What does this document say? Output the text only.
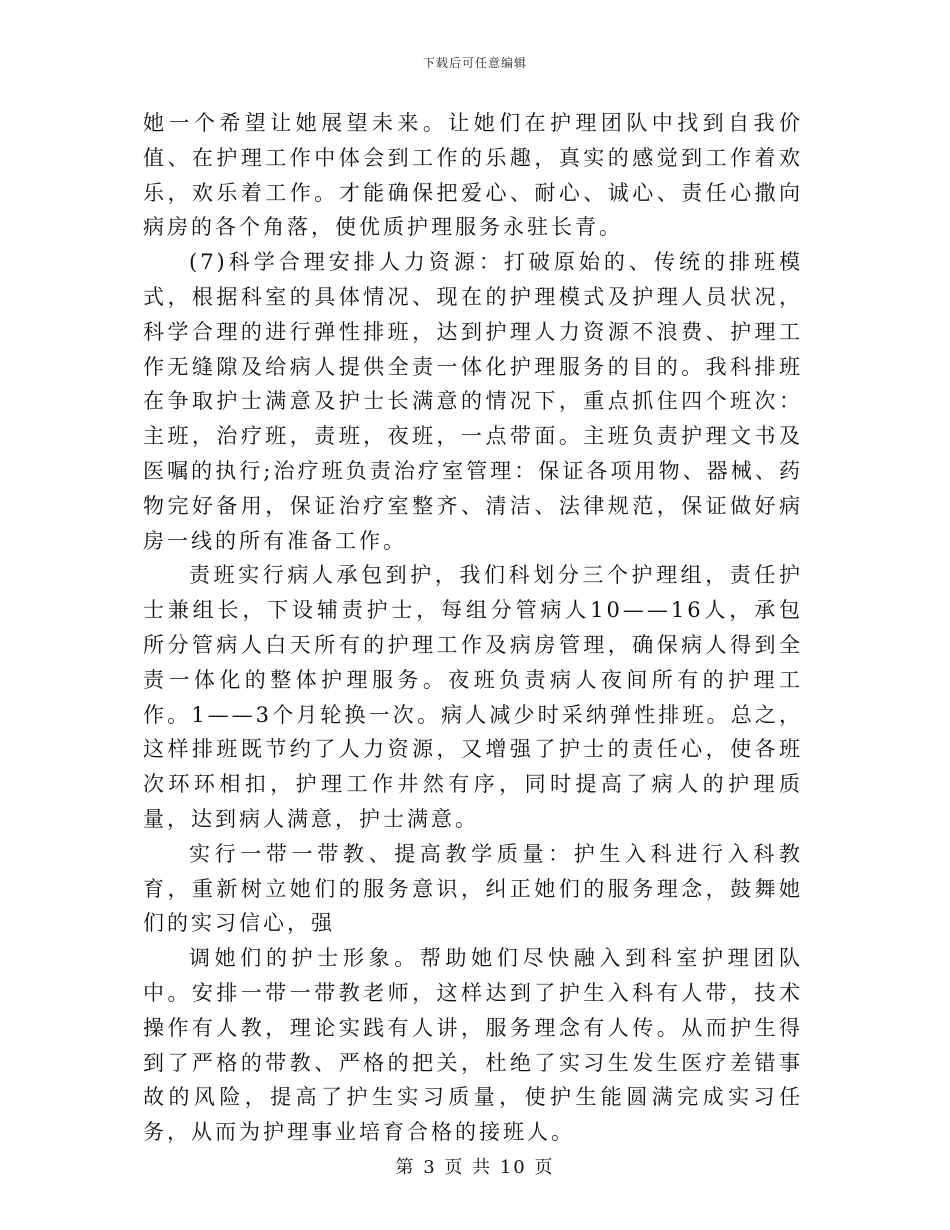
下载后可任意编辑

她一个希望让她展望未来。让她们在护理团队中找到自我价值、在护理工作中体会到工作的乐趣，真实的感觉到工作着欢乐，欢乐着工作。才能确保把爱心、耐心、诚心、责任心撒向病房的各个角落，使优质护理服务永驻长青。

(7)科学合理安排人力资源：打破原始的、传统的排班模式，根据科室的具体情况、现在的护理模式及护理人员状况，科学合理的进行弹性排班，达到护理人力资源不浪费、护理工作无缝隙及给病人提供全责一体化护理服务的目的。我科排班在争取护士满意及护士长满意的情况下，重点抓住四个班次：主班，治疗班，责班，夜班，一点带面。主班负责护理文书及医嘱的执行;治疗班负责治疗室管理：保证各项用物、器械、药物完好备用，保证治疗室整齐、清洁、法律规范，保证做好病房一线的所有准备工作。

责班实行病人承包到护，我们科划分三个护理组，责任护士兼组长，下设辅责护士，每组分管病人10——16人，承包所分管病人白天所有的护理工作及病房管理，确保病人得到全责一体化的整体护理服务。夜班负责病人夜间所有的护理工作。1——3个月轮换一次。病人减少时采纳弹性排班。总之，这样排班既节约了人力资源，又增强了护士的责任心，使各班次环环相扣，护理工作井然有序，同时提高了病人的护理质量，达到病人满意，护士满意。

实行一带一带教、提高教学质量：护生入科进行入科教育，重新树立她们的服务意识，纠正她们的服务理念，鼓舞她们的实习信心，强

调她们的护士形象。帮助她们尽快融入到科室护理团队中。安排一带一带教老师，这样达到了护生入科有人带，技术操作有人教，理论实践有人讲，服务理念有人传。从而护生得到了严格的带教、严格的把关，杜绝了实习生发生医疗差错事故的风险，提高了护生实习质量，使护生能圆满完成实习任务，从而为护理事业培育合格的接班人。

第 3 页 共 10 页
